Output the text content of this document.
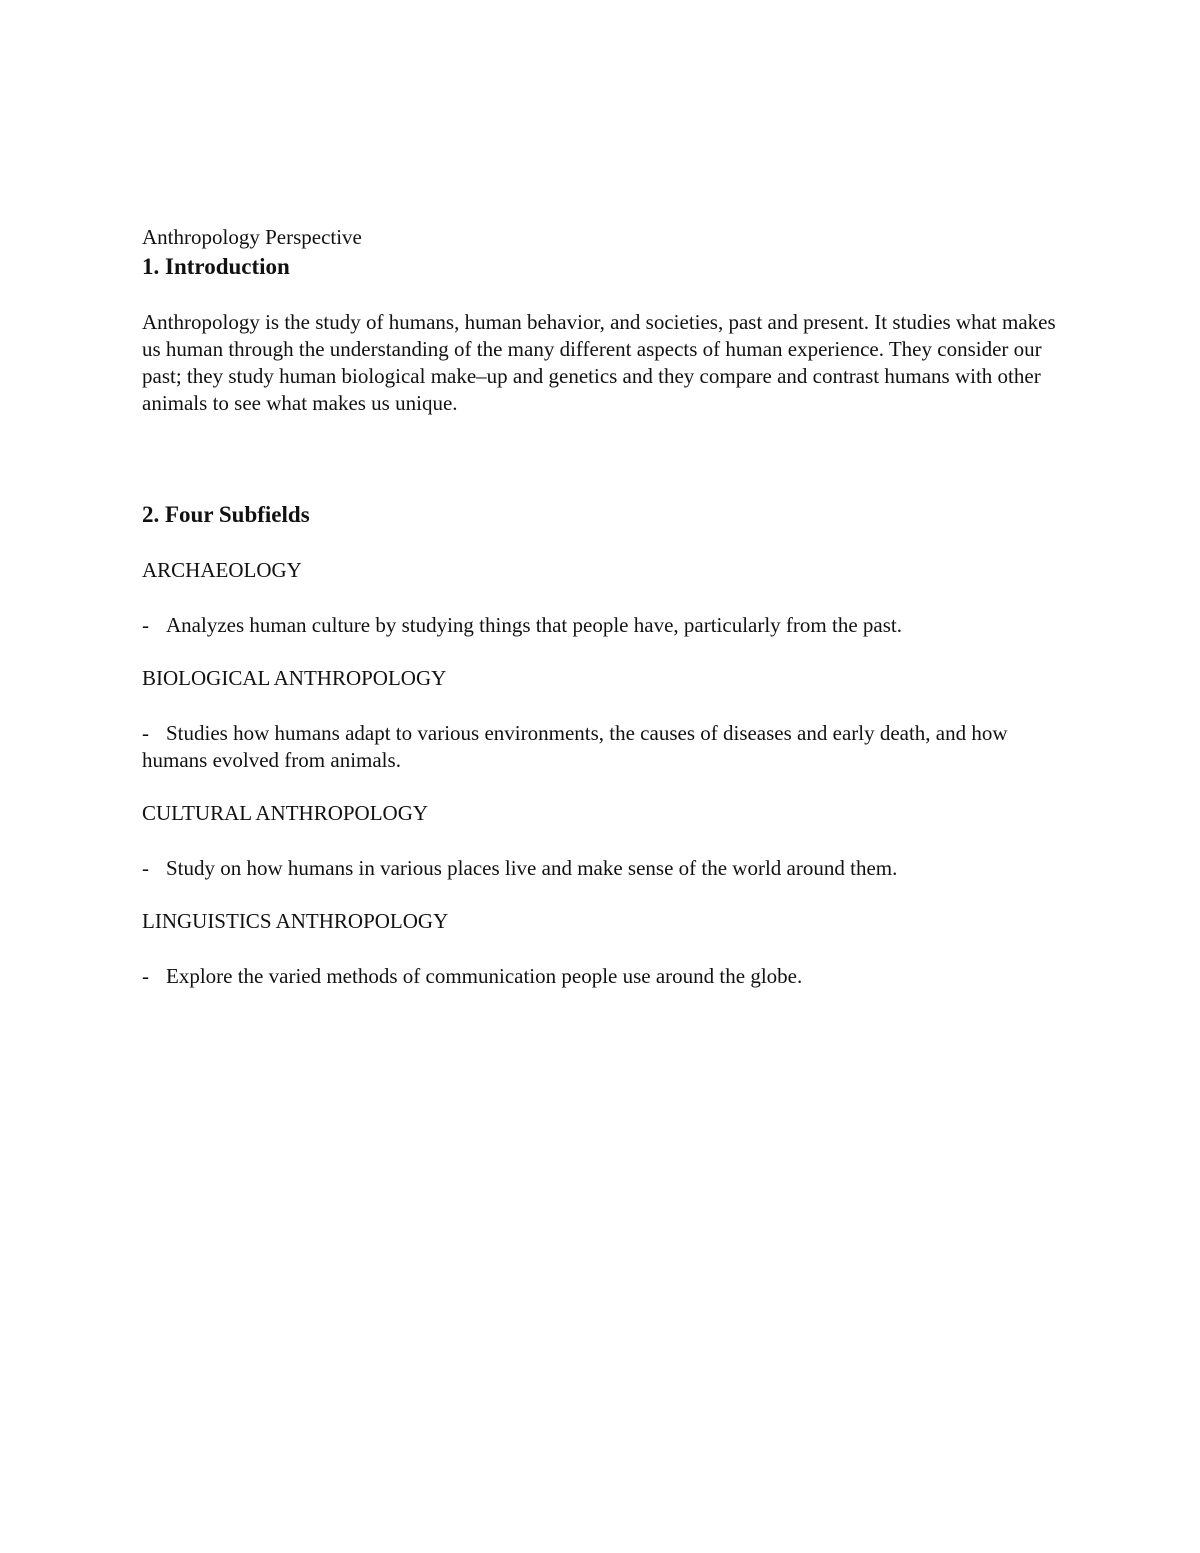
Anthropology Perspective

1. Introduction

Anthropology is the study of humans, human behavior, and societies, past and present. It studies what makes us human through the understanding of the many different aspects of human experience. They consider our past; they study human biological make–up and genetics and they compare and contrast humans with other animals to see what makes us unique.

2. Four Subfields

ARCHAEOLOGY

- Analyzes human culture by studying things that people have, particularly from the past.

BIOLOGICAL ANTHROPOLOGY

- Studies how humans adapt to various environments, the causes of diseases and early death, and how humans evolved from animals.

CULTURAL ANTHROPOLOGY

- Study on how humans in various places live and make sense of the world around them.

LINGUISTICS ANTHROPOLOGY

- Explore the varied methods of communication people use around the globe.
